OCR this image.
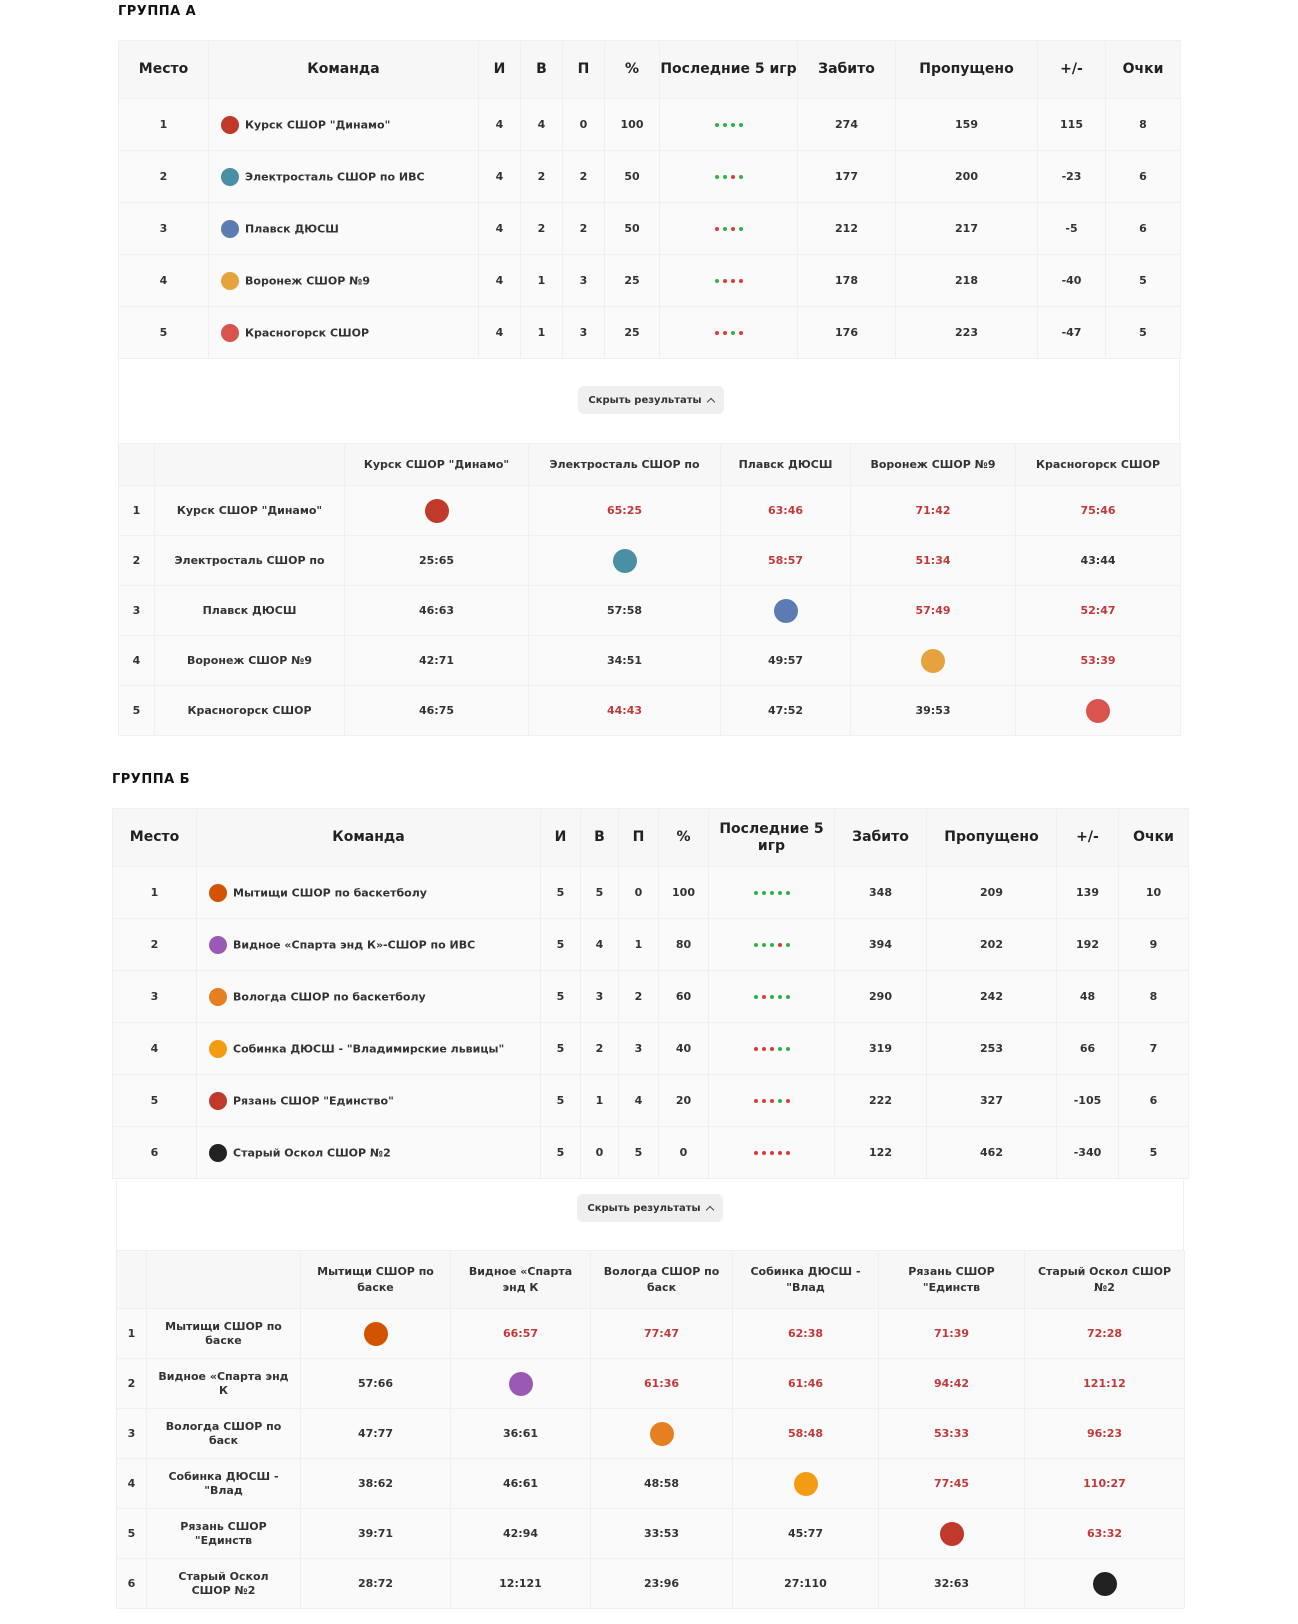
ГРУППА А
Место	Команда	И	В	П	%	Последние 5 игр	Забито	Пропущено	+/-	Очки
1	Курск СШОР "Динамо"	4	4	0	100		274	159	115	8
2	Электросталь СШОР по ИВС	4	2	2	50		177	200	-23	6
3	Плавск ДЮСШ	4	2	2	50		212	217	-5	6
4	Воронеж СШОР №9	4	1	3	25		178	218	-40	5
5	Красногорск СШОР	4	1	3	25		176	223	-47	5
Скрыть результаты
		Курск СШОР "Динамо"	Электросталь СШОР по	Плавск ДЮСШ	Воронеж СШОР №9	Красногорск СШОР
1	Курск СШОР "Динамо"		65:25	63:46	71:42	75:46
2	Электросталь СШОР по	25:65		58:57	51:34	43:44
3	Плавск ДЮСШ	46:63	57:58		57:49	52:47
4	Воронеж СШОР №9	42:71	34:51	49:57		53:39
5	Красногорск СШОР	46:75	44:43	47:52	39:53	
ГРУППА Б
Место	Команда	И	В	П	%	Последние 5 игр	Забито	Пропущено	+/-	Очки
1	Мытищи СШОР по баскетболу	5	5	0	100		348	209	139	10
2	Видное «Спарта энд К»-СШОР по ИВС	5	4	1	80		394	202	192	9
3	Вологда СШОР по баскетболу	5	3	2	60		290	242	48	8
4	Собинка ДЮСШ - "Владимирские львицы"	5	2	3	40		319	253	66	7
5	Рязань СШОР "Единство"	5	1	4	20		222	327	-105	6
6	Старый Оскол СШОР №2	5	0	5	0		122	462	-340	5
Скрыть результаты
		Мытищи СШОР по баске	Видное «Спарта энд К	Вологда СШОР по баск	Собинка ДЮСШ - "Влад	Рязань СШОР "Единств	Старый Оскол СШОР №2
1	Мытищи СШОР по баске		66:57	77:47	62:38	71:39	72:28
2	Видное «Спарта энд К	57:66		61:36	61:46	94:42	121:12
3	Вологда СШОР по баск	47:77	36:61		58:48	53:33	96:23
4	Собинка ДЮСШ - "Влад	38:62	46:61	48:58		77:45	110:27
5	Рязань СШОР "Единств	39:71	42:94	33:53	45:77		63:32
6	Старый Оскол СШОР №2	28:72	12:121	23:96	27:110	32:63	
